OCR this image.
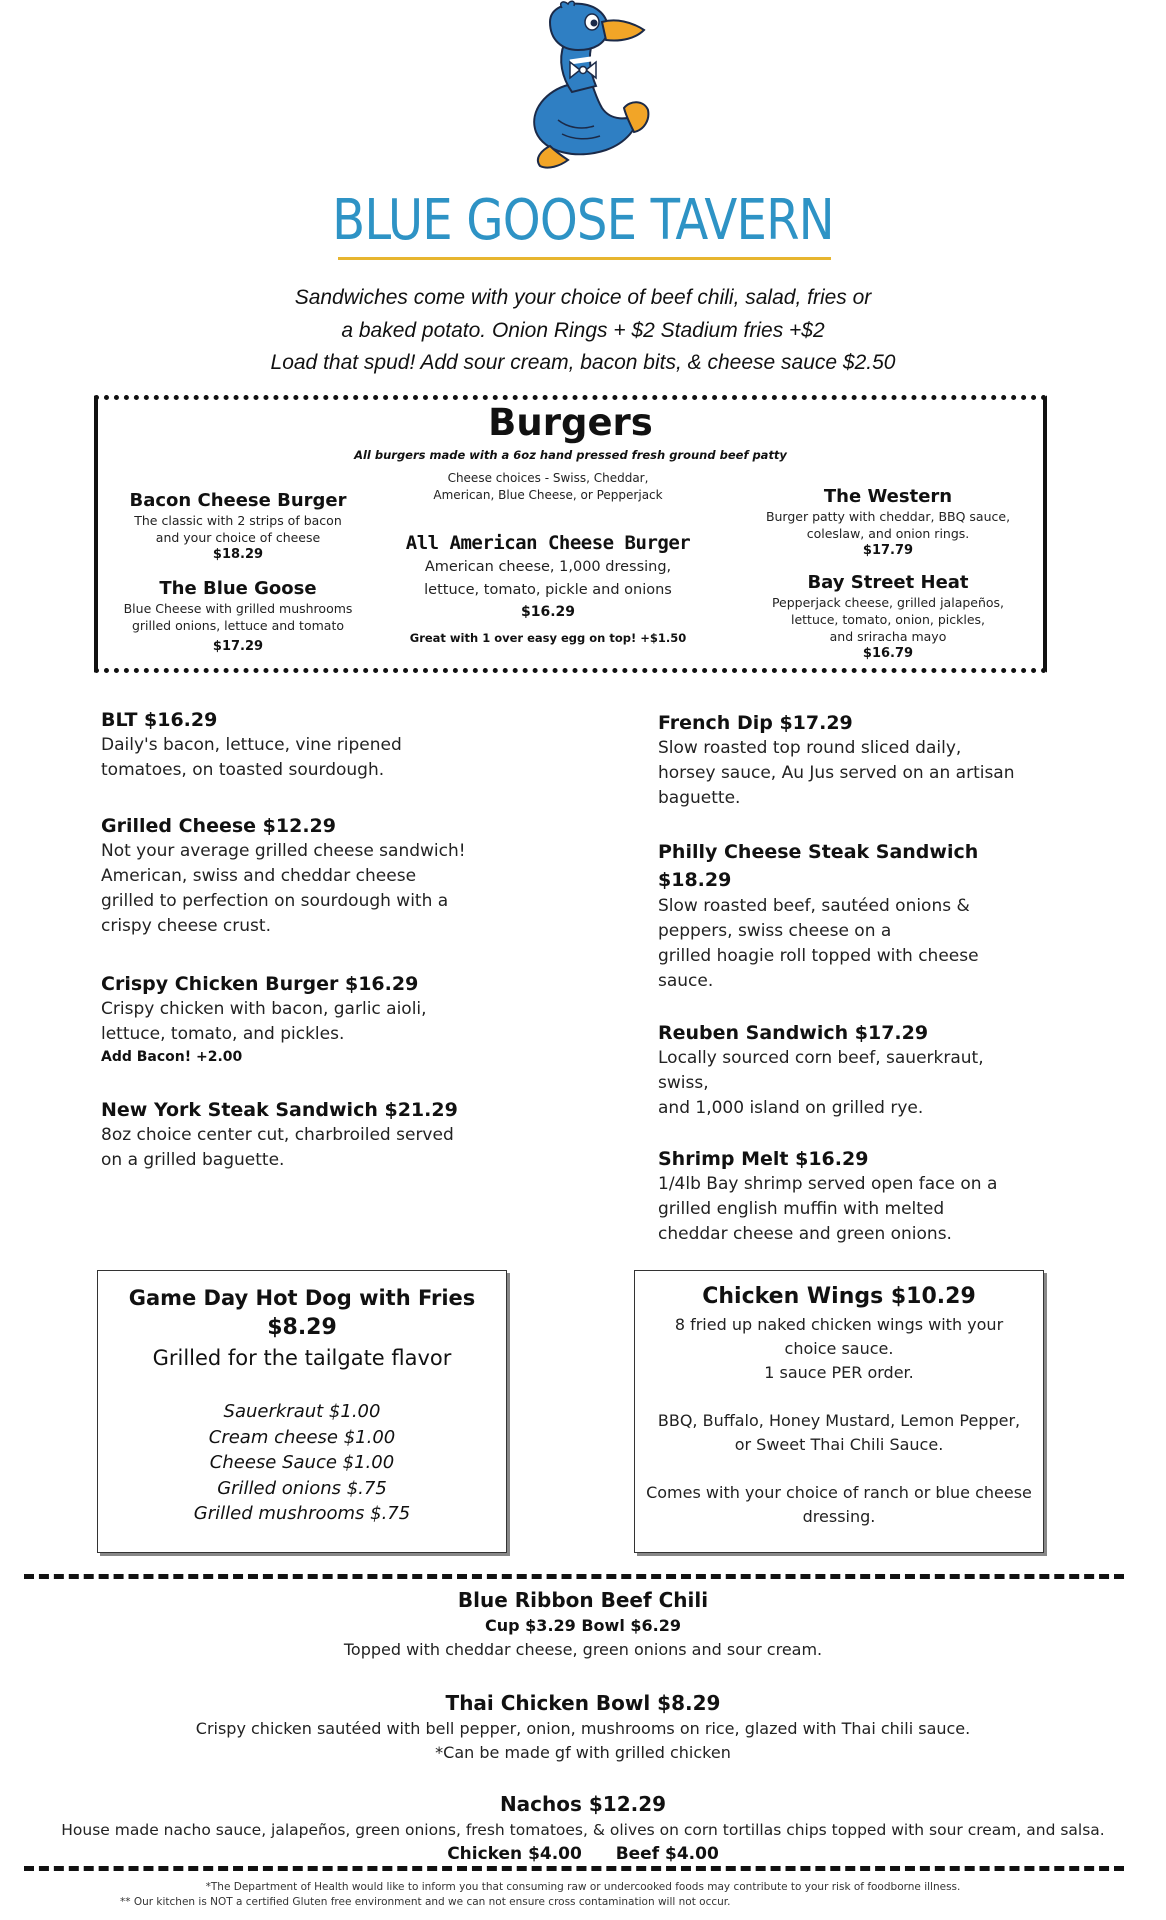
BLUE GOOSE TAVERN
Sandwiches come with your choice of beef chili, salad, fries or
a baked potato. Onion Rings + $2 Stadium fries +$2
Load that spud! Add sour cream, bacon bits, & cheese sauce $2.50
Burgers
All burgers made with a 6oz hand pressed fresh ground beef patty
Bacon Cheese Burger
The classic with 2 strips of bacon
and your choice of cheese
$18.29
The Blue Goose
Blue Cheese with grilled mushrooms
grilled onions, lettuce and tomato
$17.29
Cheese choices - Swiss, Cheddar,
American, Blue Cheese, or Pepperjack
All American Cheese Burger
American cheese, 1,000 dressing,
lettuce, tomato, pickle and onions
$16.29
Great with 1 over easy egg on top! +$1.50
The Western
Burger patty with cheddar, BBQ sauce,
coleslaw, and onion rings.
$17.79
Bay Street Heat
Pepperjack cheese, grilled jalapeños,
lettuce, tomato, onion, pickles,
and sriracha mayo
$16.79
BLT $16.29
Daily's bacon, lettuce, vine ripened
tomatoes, on toasted sourdough.
Grilled Cheese $12.29
Not your average grilled cheese sandwich!
American, swiss and cheddar cheese
grilled to perfection on sourdough with a
crispy cheese crust.
Crispy Chicken Burger $16.29
Crispy chicken with bacon, garlic aioli,
lettuce, tomato, and pickles.
Add Bacon! +2.00
New York Steak Sandwich $21.29
8oz choice center cut, charbroiled served
on a grilled baguette.
French Dip $17.29
Slow roasted top round sliced daily,
horsey sauce, Au Jus served on an artisan
baguette.
Philly Cheese Steak Sandwich
$18.29
Slow roasted beef, sautéed onions &
peppers, swiss cheese on a
grilled hoagie roll topped with cheese
sauce.
Reuben Sandwich $17.29
Locally sourced corn beef, sauerkraut,
swiss,
and 1,000 island on grilled rye.
Shrimp Melt $16.29
1/4lb Bay shrimp served open face on a
grilled english muffin with melted
cheddar cheese and green onions.
Game Day Hot Dog with Fries
$8.29
Grilled for the tailgate flavor
Sauerkraut $1.00
Cream cheese $1.00
Cheese Sauce $1.00
Grilled onions $.75
Grilled mushrooms $.75
Chicken Wings $10.29
8 fried up naked chicken wings with your
choice sauce.
1 sauce PER order.
BBQ, Buffalo, Honey Mustard, Lemon Pepper,
or Sweet Thai Chili Sauce.
Comes with your choice of ranch or blue cheese
dressing.
Blue Ribbon Beef Chili
Cup $3.29 Bowl $6.29
Topped with cheddar cheese, green onions and sour cream.
Thai Chicken Bowl $8.29
Crispy chicken sautéed with bell pepper, onion, mushrooms on rice, glazed with Thai chili sauce.
*Can be made gf with grilled chicken
Nachos $12.29
House made nacho sauce, jalapeños, green onions, fresh tomatoes, & olives on corn tortillas chips topped with sour cream, and salsa.
Chicken $4.00 Beef $4.00
*The Department of Health would like to inform you that consuming raw or undercooked foods may contribute to your risk of foodborne illness.
** Our kitchen is NOT a certified Gluten free environment and we can not ensure cross contamination will not occur.
